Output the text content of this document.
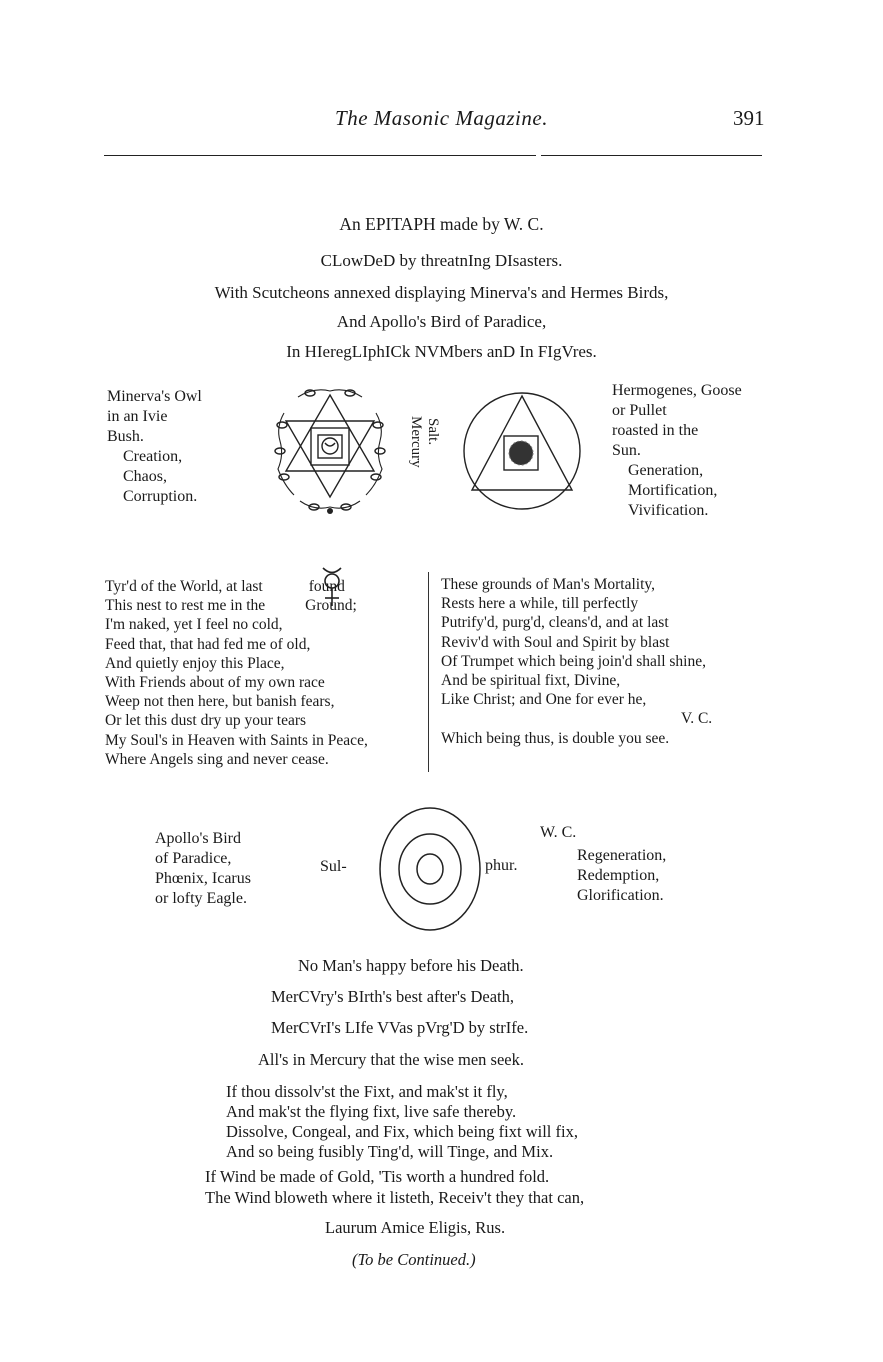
The Masonic Magazine.	391
An EPITAPH made by W. C.
CLowDeD by threatnIng DIsasters.
With Scutcheons annexed displaying Minerva's and Hermes Birds,
And Apollo's Bird of Paradice,
In HIeregLIphICk NVMbers anD In FIgVres.
Minerva's Owl
in an Ivie
Bush.
Creation,
Chaos,
Corruption.
Mercury Salt.
Hermogenes, Goose
or Pullet
roasted in the
Sun.
Generation,
Mortification,
Vivification.
Tyr'd of the World, at last	found
This nest to rest me in the	Ground;
I'm naked, yet I feel no cold,
Feed that, that had fed me of old,
And quietly enjoy this Place,
With Friends about of my own race
Weep not then here, but banish fears,
Or let this dust dry up your tears
My Soul's in Heaven with Saints in Peace,
Where Angels sing and never cease.
These grounds of Man's Mortality,
Rests here a while, till perfectly
Putrify'd, purg'd, cleans'd, and at last
Reviv'd with Soul and Spirit by blast
Of Trumpet which being join'd shall shine,
And be spiritual fixt, Divine,
Like Christ; and One for ever he,
V. C.
Which being thus, is double you see.
Apollo's Bird
of Paradice,
Phœnix, Icarus
or lofty Eagle.
Sul-	phur.
W. C.
Regeneration,
Redemption,
Glorification.
No Man's happy before his Death.
MerCVry's BIrth's best after's Death,
MerCVrI's LIfe VVas pVrg'D by strIfe.
All's in Mercury that the wise men seek.
If thou dissolv'st the Fixt, and mak'st it fly,
And mak'st the flying fixt, live safe thereby.
Dissolve, Congeal, and Fix, which being fixt will fix,
And so being fusibly Ting'd, will Tinge, and Mix.
If Wind be made of Gold, 'Tis worth a hundred fold.
The Wind bloweth where it listeth, Receiv't they that can,
Laurum Amice Eligis, Rus.
(To be Continued.)
